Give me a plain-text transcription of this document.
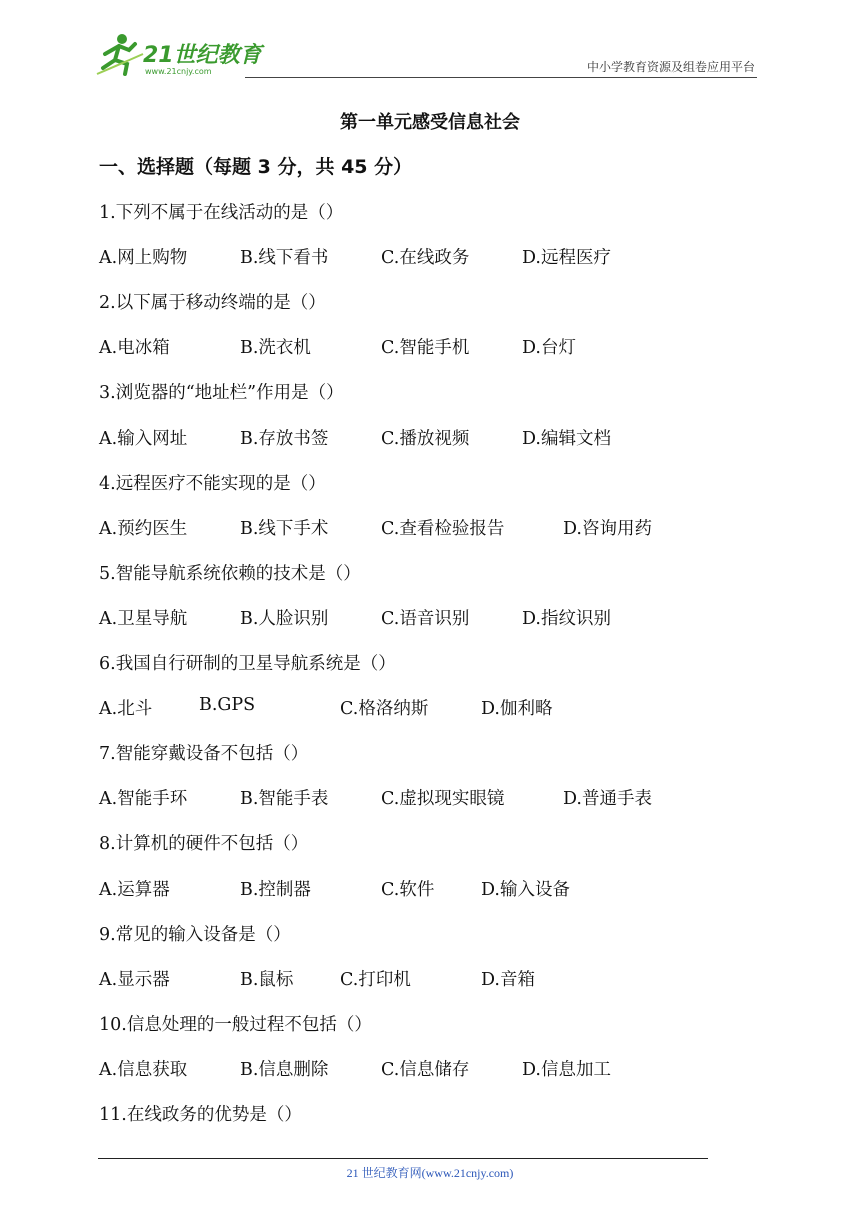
21世纪教育
www.21cnjy.com	中小学教育资源及组卷应用平台
第一单元感受信息社会
一、选择题（每题 3 分，共 45 分）
1.下列不属于在线活动的是（）
A.网上购物	B.线下看书	C.在线政务	D.远程医疗
2.以下属于移动终端的是（）
A.电冰箱	B.洗衣机	C.智能手机	D.台灯
3.浏览器的“地址栏”作用是（）
A.输入网址	B.存放书签	C.播放视频	D.编辑文档
4.远程医疗不能实现的是（）
A.预约医生	B.线下手术	C.查看检验报告	D.咨询用药
5.智能导航系统依赖的技术是（）
A.卫星导航	B.人脸识别	C.语音识别	D.指纹识别
6.我国自行研制的卫星导航系统是（）
A.北斗	B.GPS	C.格洛纳斯	D.伽利略
7.智能穿戴设备不包括（）
A.智能手环	B.智能手表	C.虚拟现实眼镜	D.普通手表
8.计算机的硬件不包括（）
A.运算器	B.控制器	C.软件	D.输入设备
9.常见的输入设备是（）
A.显示器	B.鼠标	C.打印机	D.音箱
10.信息处理的一般过程不包括（）
A.信息获取	B.信息删除	C.信息储存	D.信息加工
11.在线政务的优势是（）
21 世纪教育网(www.21cnjy.com)
